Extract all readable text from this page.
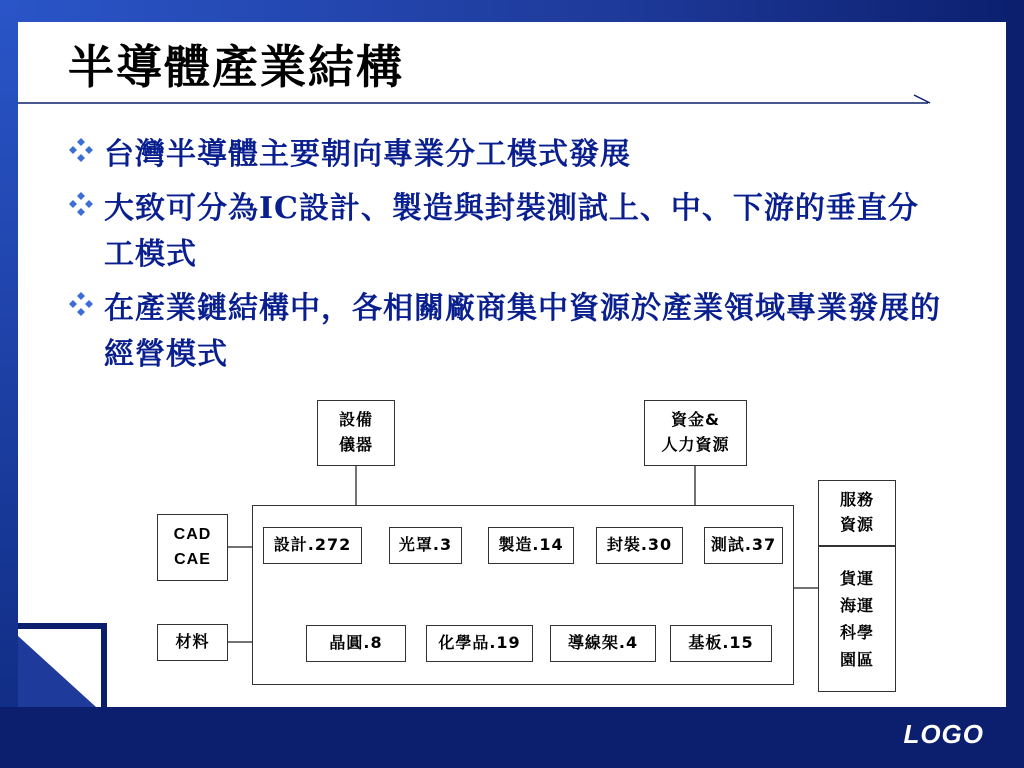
半導體產業結構
台灣半導體主要朝向專業分工模式發展
大致可分為IC設計、製造與封裝測試上、中、下游的垂直分工模式
在產業鏈結構中，各相關廠商集中資源於產業領域專業發展的經營模式
設備
儀器
資金&
人力資源
CAD
CAE
材料
服務
資源
貨運
海運
科學
園區
設計.272	光罩.3	製造.14	封裝.30 測試.37
晶圓.8	化學品.19	導線架.4	基板.15
LOGO
